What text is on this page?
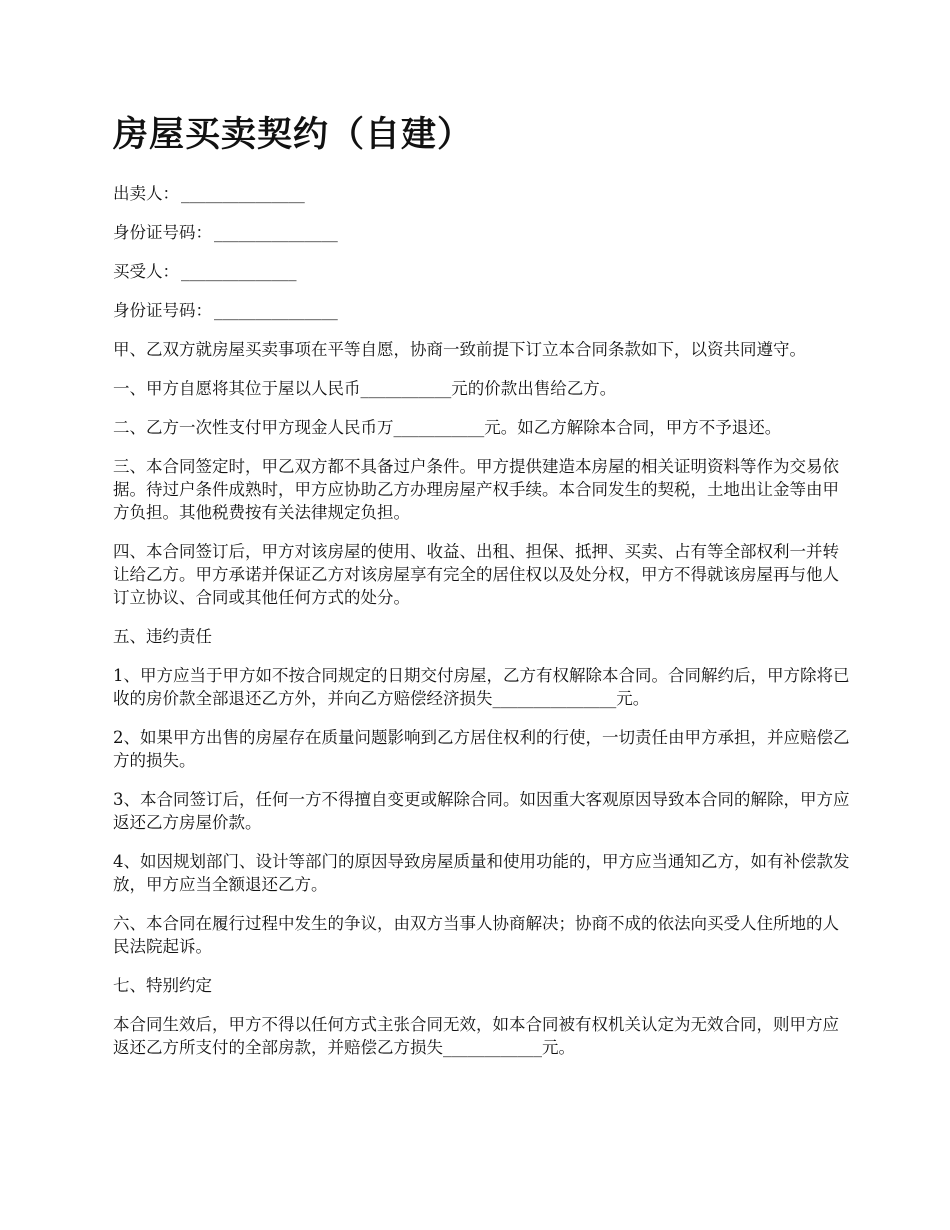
房屋买卖契约（自建）

出卖人： _______________

身份证号码： _______________

买受人： ______________

身份证号码： _______________

甲、乙双方就房屋买卖事项在平等自愿，协商一致前提下订立本合同条款如下，以资共同遵守。

一、甲方自愿将其位于屋以人民币___________元的价款出售给乙方。

二、乙方一次性支付甲方现金人民币万___________元。如乙方解除本合同，甲方不予退还。

三、本合同签定时，甲乙双方都不具备过户条件。甲方提供建造本房屋的相关证明资料等作为交易依据。待过户条件成熟时，甲方应协助乙方办理房屋产权手续。本合同发生的契税，土地出让金等由甲方负担。其他税费按有关法律规定负担。

四、本合同签订后，甲方对该房屋的使用、收益、出租、担保、抵押、买卖、占有等全部权利一并转让给乙方。甲方承诺并保证乙方对该房屋享有完全的居住权以及处分权，甲方不得就该房屋再与他人订立协议、合同或其他任何方式的处分。

五、违约责任

1、甲方应当于甲方如不按合同规定的日期交付房屋，乙方有权解除本合同。合同解约后，甲方除将已收的房价款全部退还乙方外，并向乙方赔偿经济损失_______________元。

2、如果甲方出售的房屋存在质量问题影响到乙方居住权利的行使，一切责任由甲方承担，并应赔偿乙方的损失。

3、本合同签订后，任何一方不得擅自变更或解除合同。如因重大客观原因导致本合同的解除，甲方应返还乙方房屋价款。

4、如因规划部门、设计等部门的原因导致房屋质量和使用功能的，甲方应当通知乙方，如有补偿款发放，甲方应当全额退还乙方。

六、本合同在履行过程中发生的争议，由双方当事人协商解决；协商不成的依法向买受人住所地的人民法院起诉。

七、特别约定

本合同生效后，甲方不得以任何方式主张合同无效，如本合同被有权机关认定为无效合同，则甲方应返还乙方所支付的全部房款，并赔偿乙方损失____________元。
